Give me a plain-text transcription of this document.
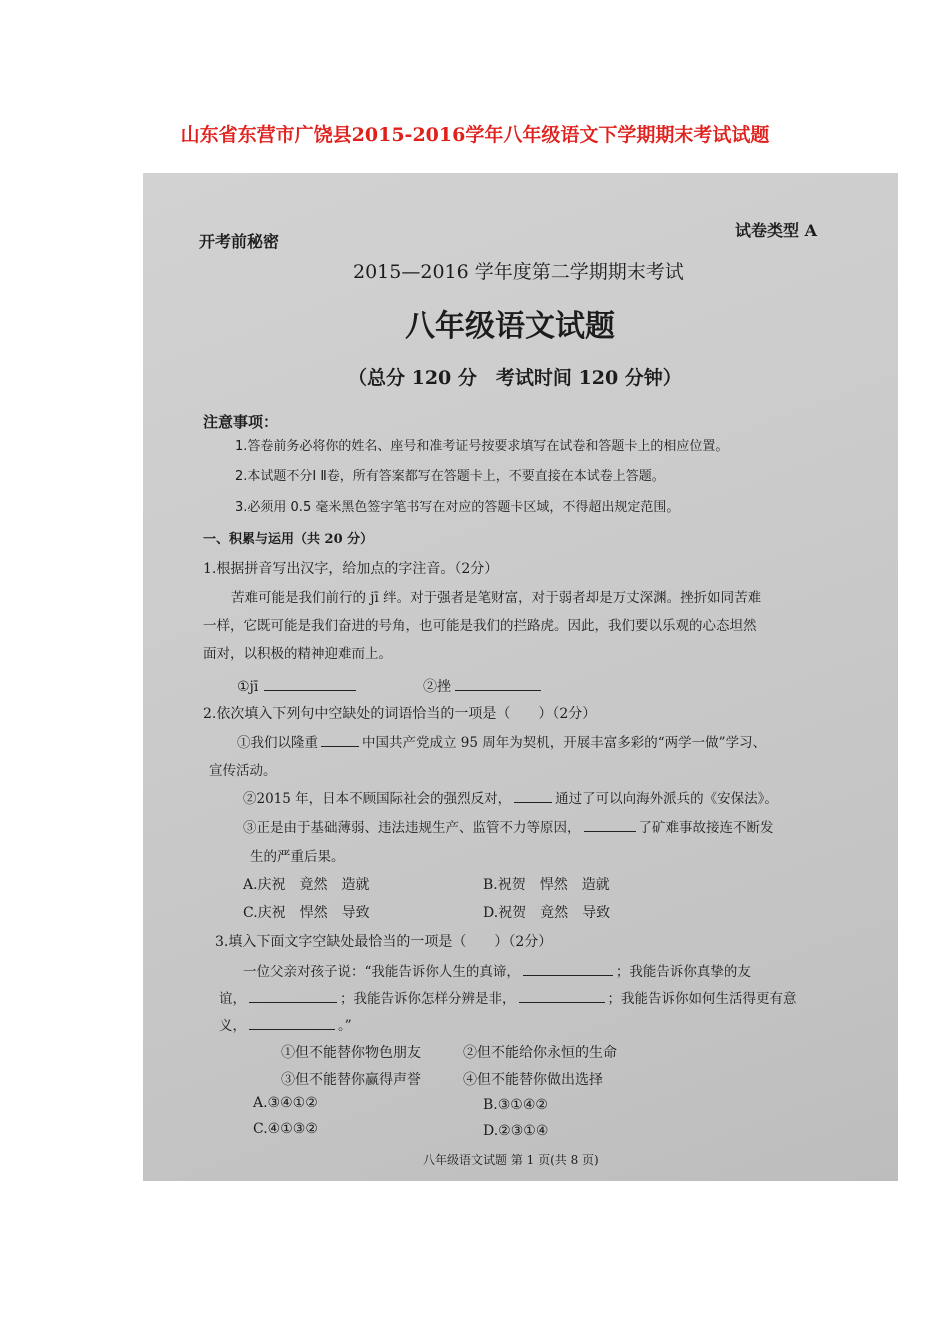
山东省东营市广饶县2015-2016学年八年级语文下学期期末考试试题
开考前秘密
试卷类型 A
2015—2016 学年度第二学期期末考试
八年级语文试题
（总分 120 分　考试时间 120 分钟）
注意事项：
1.答卷前务必将你的姓名、座号和准考证号按要求填写在试卷和答题卡上的相应位置。
2.本试题不分Ⅰ Ⅱ卷，所有答案都写在答题卡上，不要直接在本试卷上答题。
3.必须用 0.5 毫米黑色签字笔书写在对应的答题卡区域，不得超出规定范围。
一、积累与运用（共 20 分）
1.根据拼音写出汉字，给加点的字注音。（2分）
苦难可能是我们前行的 jī 绊。对于强者是笔财富，对于弱者却是万丈深渊。挫折如同苦难
一样，它既可能是我们奋进的号角，也可能是我们的拦路虎。因此，我们要以乐观的心态坦然
面对，以积极的精神迎难而上。
①jī	②挫
2.依次填入下列句中空缺处的词语恰当的一项是（　　）（2分）
①我们以隆重	中国共产党成立 95 周年为契机，开展丰富多彩的“两学一做”学习、
宣传活动。
②2015 年，日本不顾国际社会的强烈反对，	通过了可以向海外派兵的《安保法》。
③正是由于基础薄弱、违法违规生产、监管不力等原因，	了矿难事故接连不断发
生的严重后果。
A.庆祝　竟然　造就	B.祝贺　悍然　造就
C.庆祝　悍然　导致	D.祝贺　竟然　导致
3.填入下面文字空缺处最恰当的一项是（　　）（2分）
一位父亲对孩子说：“我能告诉你人生的真谛，	；我能告诉你真挚的友
谊，	；我能告诉你怎样分辨是非，	；我能告诉你如何生活得更有意
义，	。”
①但不能替你物色朋友	②但不能给你永恒的生命
③但不能替你赢得声誉	④但不能替你做出选择
A.③④①②	B.③①④②
C.④①③②	D.②③①④
八年级语文试题 第 1 页(共 8 页)
